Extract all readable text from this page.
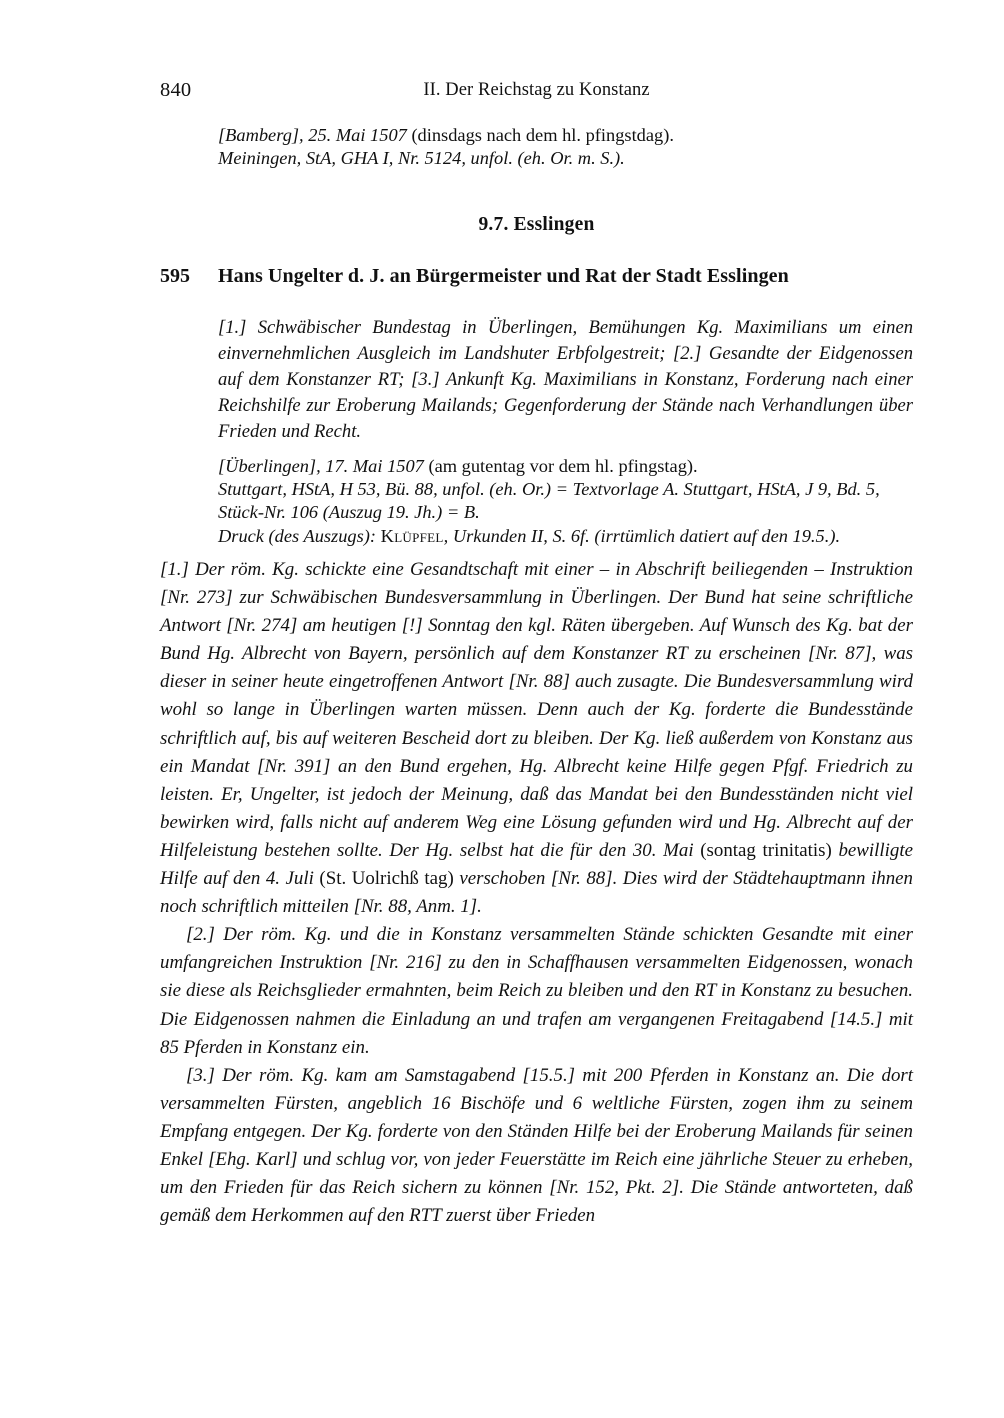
840	II. Der Reichstag zu Konstanz
[Bamberg], 25. Mai 1507 (dinsdags nach dem hl. pfingstdag).
Meiningen, StA, GHA I, Nr. 5124, unfol. (eh. Or. m. S.).
9.7. Esslingen
595	Hans Ungelter d. J. an Bürgermeister und Rat der Stadt Esslingen
[1.] Schwäbischer Bundestag in Überlingen, Bemühungen Kg. Maximilians um einen einvernehmlichen Ausgleich im Landshuter Erbfolgestreit; [2.] Gesandte der Eidgenossen auf dem Konstanzer RT; [3.] Ankunft Kg. Maximilians in Konstanz, Forderung nach einer Reichshilfe zur Eroberung Mailands; Gegenforderung der Stände nach Verhandlungen über Frieden und Recht.
[Überlingen], 17. Mai 1507 (am gutentag vor dem hl. pfingstag).
Stuttgart, HStA, H 53, Bü. 88, unfol. (eh. Or.) = Textvorlage A. Stuttgart, HStA, J 9, Bd. 5, Stück-Nr. 106 (Auszug 19. Jh.) = B.
Druck (des Auszugs): Klüpfel, Urkunden II, S. 6f. (irrtümlich datiert auf den 19.5.).

[1.] Der röm. Kg. schickte eine Gesandtschaft mit einer – in Abschrift beiliegenden – Instruktion [Nr. 273] zur Schwäbischen Bundesversammlung in Überlingen. Der Bund hat seine schriftliche Antwort [Nr. 274] am heutigen [!] Sonntag den kgl. Räten übergeben. Auf Wunsch des Kg. bat der Bund Hg. Albrecht von Bayern, persönlich auf dem Konstanzer RT zu erscheinen [Nr. 87], was dieser in seiner heute eingetroffenen Antwort [Nr. 88] auch zusagte. Die Bundesversammlung wird wohl so lange in Überlingen warten müssen. Denn auch der Kg. forderte die Bundesstände schriftlich auf, bis auf weiteren Bescheid dort zu bleiben. Der Kg. ließ außerdem von Konstanz aus ein Mandat [Nr. 391] an den Bund ergehen, Hg. Albrecht keine Hilfe gegen Pfgf. Friedrich zu leisten. Er, Ungelter, ist jedoch der Meinung, daß das Mandat bei den Bundesständen nicht viel bewirken wird, falls nicht auf anderem Weg eine Lösung gefunden wird und Hg. Albrecht auf der Hilfeleistung bestehen sollte. Der Hg. selbst hat die für den 30. Mai (sontag trinitatis) bewilligte Hilfe auf den 4. Juli (St. Uolrichß tag) verschoben [Nr. 88]. Dies wird der Städtehauptmann ihnen noch schriftlich mitteilen [Nr. 88, Anm. 1].

[2.] Der röm. Kg. und die in Konstanz versammelten Stände schickten Gesandte mit einer umfangreichen Instruktion [Nr. 216] zu den in Schaffhausen versammelten Eidgenossen, wonach sie diese als Reichsglieder ermahnten, beim Reich zu bleiben und den RT in Konstanz zu besuchen. Die Eidgenossen nahmen die Einladung an und trafen am vergangenen Freitagabend [14.5.] mit 85 Pferden in Konstanz ein.

[3.] Der röm. Kg. kam am Samstagabend [15.5.] mit 200 Pferden in Konstanz an. Die dort versammelten Fürsten, angeblich 16 Bischöfe und 6 weltliche Fürsten, zogen ihm zu seinem Empfang entgegen. Der Kg. forderte von den Ständen Hilfe bei der Eroberung Mailands für seinen Enkel [Ehg. Karl] und schlug vor, von jeder Feuerstätte im Reich eine jährliche Steuer zu erheben, um den Frieden für das Reich sichern zu können [Nr. 152, Pkt. 2]. Die Stände antworteten, daß gemäß dem Herkommen auf den RTT zuerst über Frieden
